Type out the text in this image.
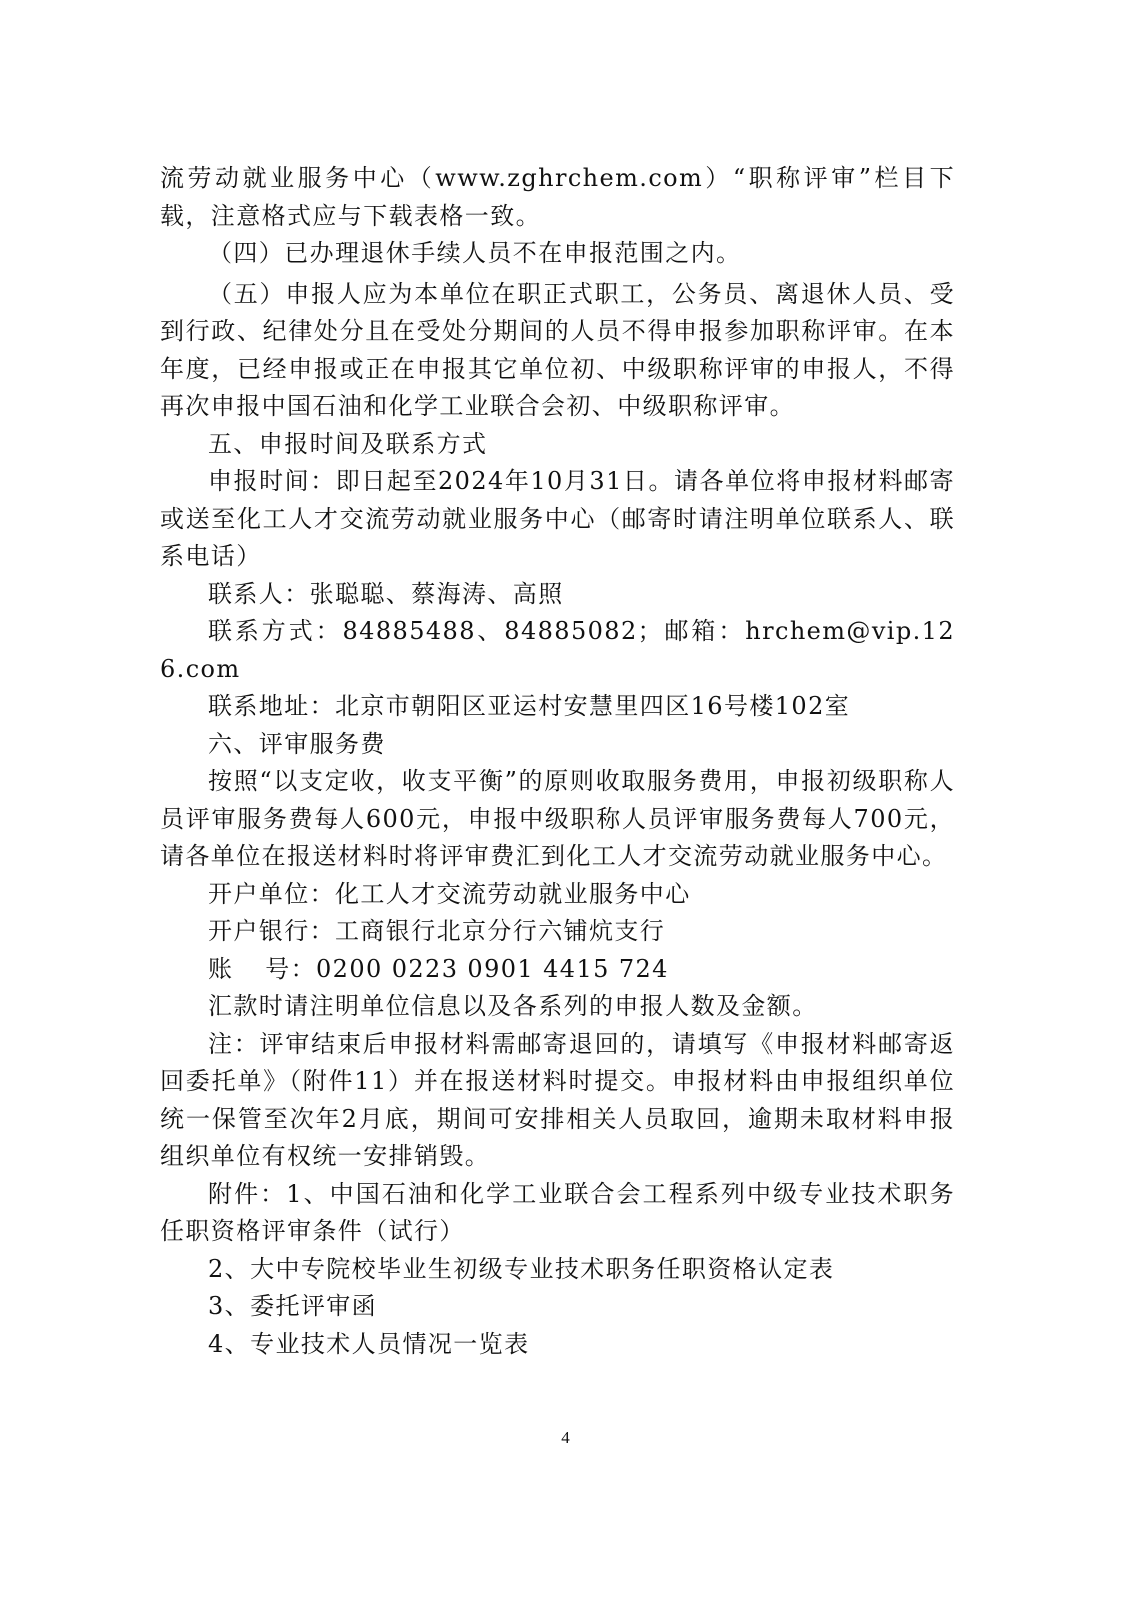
流劳动就业服务中心（www.zghrchem.com）“职称评审”栏目下载，注意格式应与下载表格一致。

（四）已办理退休手续人员不在申报范围之内。

（五）申报人应为本单位在职正式职工，公务员、离退休人员、受到行政、纪律处分且在受处分期间的人员不得申报参加职称评审。在本年度，已经申报或正在申报其它单位初、中级职称评审的申报人，不得再次申报中国石油和化学工业联合会初、中级职称评审。

五、申报时间及联系方式

申报时间：即日起至2024年10月31日。请各单位将申报材料邮寄或送至化工人才交流劳动就业服务中心（邮寄时请注明单位联系人、联系电话）

联系人：张聪聪、蔡海涛、高照

联系方式：84885488、84885082；邮箱：hrchem@vip.126.com

联系地址：北京市朝阳区亚运村安慧里四区16号楼102室

六、评审服务费

按照“以支定收，收支平衡”的原则收取服务费用，申报初级职称人员评审服务费每人600元，申报中级职称人员评审服务费每人700元，请各单位在报送材料时将评审费汇到化工人才交流劳动就业服务中心。

开户单位：化工人才交流劳动就业服务中心

开户银行：工商银行北京分行六铺炕支行

账 号：0200 0223 0901 4415 724

汇款时请注明单位信息以及各系列的申报人数及金额。

注：评审结束后申报材料需邮寄退回的，请填写《申报材料邮寄返回委托单》（附件11）并在报送材料时提交。申报材料由申报组织单位统一保管至次年2月底，期间可安排相关人员取回，逾期未取材料申报组织单位有权统一安排销毁。

附件：1、中国石油和化学工业联合会工程系列中级专业技术职务任职资格评审条件（试行）

2、大中专院校毕业生初级专业技术职务任职资格认定表

3、委托评审函

4、专业技术人员情况一览表

4
